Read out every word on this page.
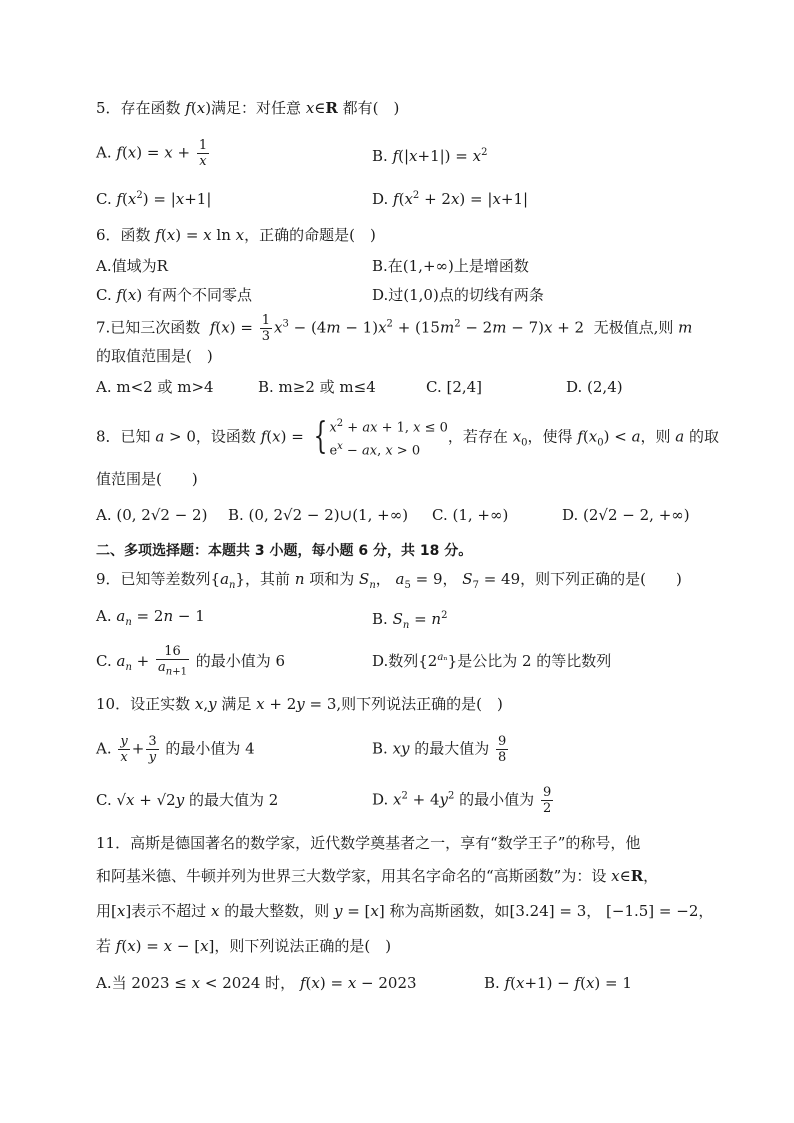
5．存在函数 f(x)满足：对任意 x∈R 都有(　)
A. $f(x) = x + \frac{1}{x}$	B. $f(|x+1|) = x^2$
C. $f(x^2) = |x+1|$	D. $f(x^2 + 2x) = |x+1|$
6．函数 f(x) = x ln x，正确的命题是(　)
A.值域为R	B.在(1,+∞)上是增函数
C. f(x) 有两个不同零点	D.过(1,0)点的切线有两条
7.已知三次函数  $f(x) = \frac{1}{3} x^3 - (4m - 1)x^2 + (15m^2 - 2m - 7)x + 2$  无极值点,则 m
的取值范围是(　)
A. m<2 或 m>4	B. m≥2 或 m≤4	C. [2,4]	D. (2,4)
8．已知 a > 0，设函数 f(x) = { $x^2$ + ax + 1, x ≤ 0
$e^x$ − ax, x > 0，若存在 $x_0$，使得 $f(x_0) < a$，则 a 的取
值范围是(　　)
A. (0, 2√2 − 2) B. (0, 2√2 − 2)∪(1, +∞) C. (1, +∞)	D. (2√2 − 2, +∞)
二、多项选择题：本题共 3 小题，每小题 6 分，共 18 分。
9．已知等差数列$\{a_n\}$，其前 n 项和为 $S_n$， $a_5 = 9$， $S_7 = 49$，则下列正确的是(　　)
A. $a_n = 2n - 1$	B. $S_n = n^2$
C. $a_n + \frac{16}{a_{n+1}}$ 的最小值为 6	D.数列$\{2^{a_n}\}$是公比为 2 的等比数列
10．设正实数 x,y 满足 x + 2y = 3,则下列说法正确的是(　)
A. $\frac{y}{x} + \frac{3}{y}$ 的最小值为 4	B. xy 的最大值为 $\frac{9}{8}$
C. √x + √2y 的最大值为 2	D. $x^2 + 4y^2$ 的最小值为 $\frac{9}{2}$
11．高斯是德国著名的数学家，近代数学奠基者之一，享有“数学王子”的称号，他
和阿基米德、牛顿并列为世界三大数学家，用其名字命名的“高斯函数”为：设 x∈R，
用[x]表示不超过 x 的最大整数，则 y = [x] 称为高斯函数，如[3.24] = 3， [−1.5] = −2，
若 f(x) = x − [x]，则下列说法正确的是(　)
A.当 2023 ≤ x < 2024 时， f(x) = x − 2023	B. f(x+1) − f(x) = 1
